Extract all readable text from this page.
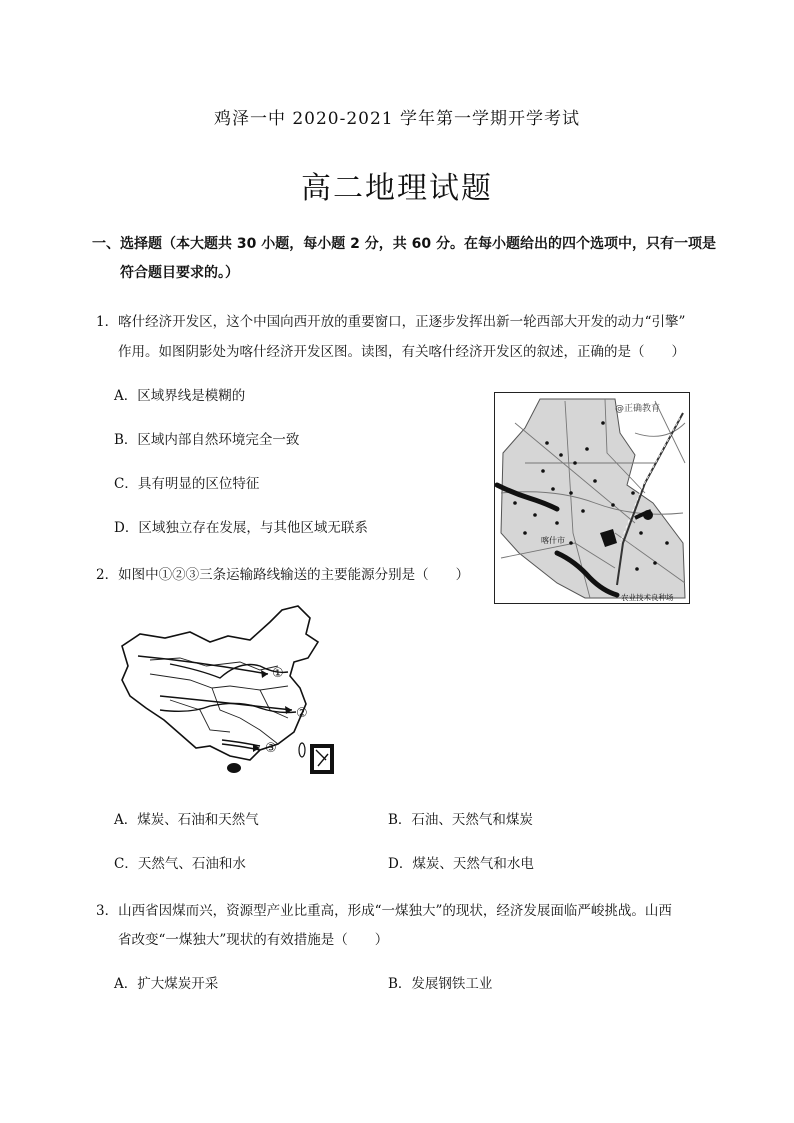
鸡泽一中 2020-2021 学年第一学期开学考试
高二地理试题
一、选择题（本大题共 30 小题，每小题 2 分，共 60 分。在每小题给出的四个选项中，只有一项是
符合题目要求的。）
1．喀什经济开发区，这个中国向西开放的重要窗口，正逐步发挥出新一轮西部大开发的动力“引擎”
作用。如图阴影处为喀什经济开发区图。读图，有关喀什经济开发区的叙述，正确的是（　　）
A．区域界线是模糊的
B．区域内部自然环境完全一致
C．具有明显的区位特征
D．区域独立存在发展，与其他区域无联系
@正确教育
喀什市
农业技术良种场
2．如图中①②③三条运输路线输送的主要能源分别是（　　）
①
②
③
A．煤炭、石油和天然气	B．石油、天然气和煤炭
C．天然气、石油和水	D．煤炭、天然气和水电
3．山西省因煤而兴，资源型产业比重高，形成“一煤独大”的现状，经济发展面临严峻挑战。山西
省改变“一煤独大”现状的有效措施是（　　）
A．扩大煤炭开采	B．发展钢铁工业
